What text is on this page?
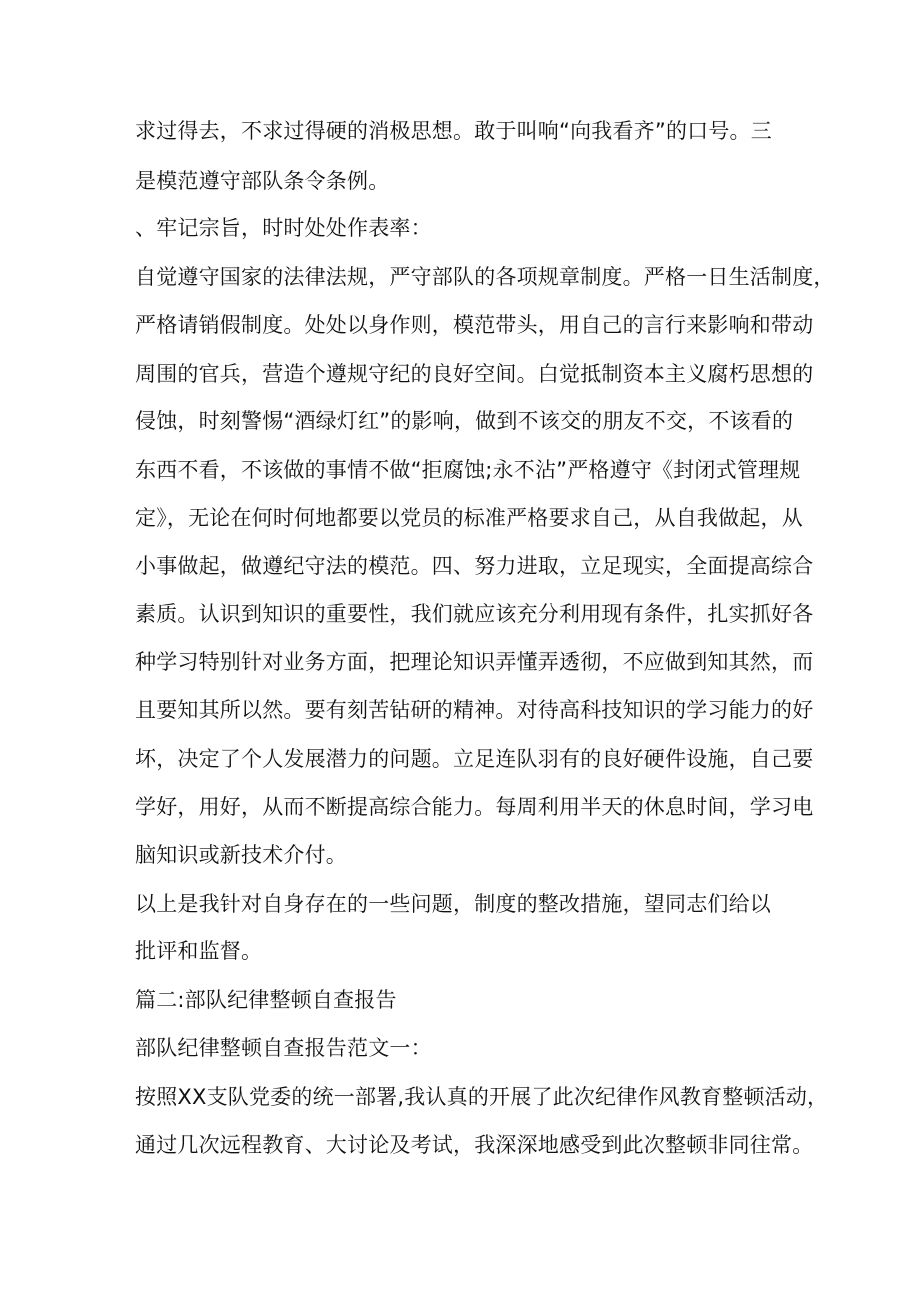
求过得去，不求过得硬的消极思想。敢于叫响“向我看齐”的口号。三
是模范遵守部队条令条例。
、牢记宗旨，时时处处作表率：
自觉遵守国家的法律法规，严守部队的各项规章制度。严格一日生活制度，
严格请销假制度。处处以身作则，模范带头，用自己的言行来影响和带动
周围的官兵，营造个遵规守纪的良好空间。白觉抵制资本主义腐朽思想的
侵蚀，时刻警惕“酒绿灯红”的影响，做到不该交的朋友不交，不该看的
东西不看，不该做的事情不做“拒腐蚀;永不沾”严格遵守《封闭式管理规
定》，无论在何时何地都要以党员的标准严格要求自己，从自我做起，从
小事做起，做遵纪守法的模范。四、努力进取，立足现实，全面提高综合
素质。认识到知识的重要性，我们就应该充分利用现有条件，扎实抓好各
种学习特别针对业务方面，把理论知识弄懂弄透彻，不应做到知其然，而
且要知其所以然。要有刻苦钻研的精神。对待高科技知识的学习能力的好
坏，决定了个人发展潜力的问题。立足连队羽有的良好硬件设施，自己要
学好，用好，从而不断提高综合能力。每周利用半天的休息时间，学习电
脑知识或新技术介付。
以上是我针对自身存在的一些问题，制度的整改措施，望同志们给以
批评和监督。
篇二:部队纪律整顿自查报告
部队纪律整顿自查报告范文一：
按照XX支队党委的统一部署,我认真的开展了此次纪律作风教育整顿活动，
通过几次远程教育、大讨论及考试，我深深地感受到此次整顿非同往常。
